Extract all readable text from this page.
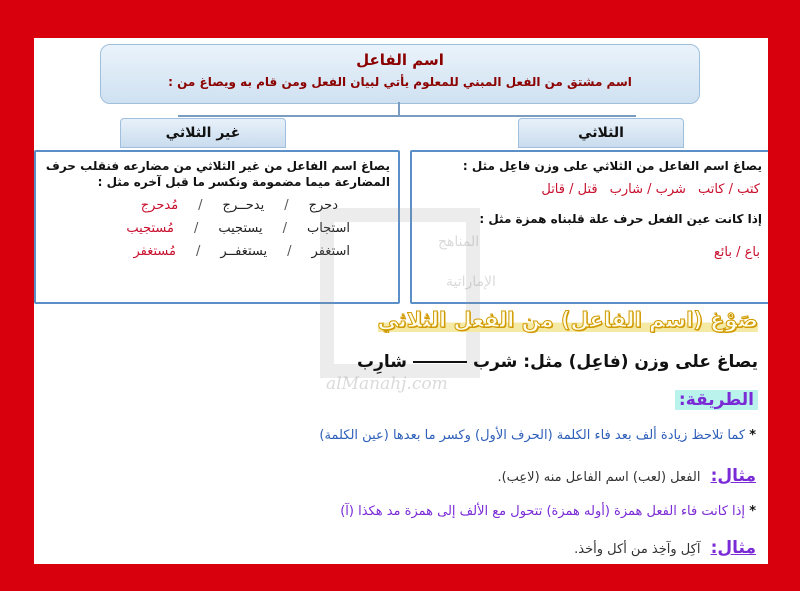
اسم الفاعل
اسم مشتق من الفعل المبني للمعلوم يأتي لبيان الفعل ومن قام به ويصاغ من :
الثلاثي
غير الثلاثي
يصاغ اسم الفاعل من الثلاثي على وزن فاعِل مثل :
كتب / كاتب
شرب / شارب
قتل / قاتل
إذا كانت عين الفعل حرف علة قلبناه همزة مثل :
باع / بائع
يصاغ اسم الفاعل من غير الثلاثي من مضارعه فنقلب حرف
المضارعة ميما مضمومة ونكسر ما قبل آخره مثل :
دحرج
/
يدحــرج
/
مُدحرج
استجاب
/
يستجيب
/
مُستجيب
استغفر
/
يستغفــر
/
مُستغفر
المناهج
الإماراتية
alManahj.com
صَوْغ (اسم الفاعل) من الفعل الثلاثي
يصاغ على وزن (فاعِل) مثل: شربشارِب
الطريقة:
* كما تلاحظ زيادة ألف بعد فاء الكلمة (الحرف الأول) وكسر ما بعدها (عين الكلمة)
مثال: الفعل (لعب) اسم الفاعل منه (لاعِب).
* إذا كانت فاء الفعل همزة (أوله همزة) تتحول مع الألف إلى همزة مد هكذا (آ)
مثال: آكِل وآخِذ من أكل وأخذ.
